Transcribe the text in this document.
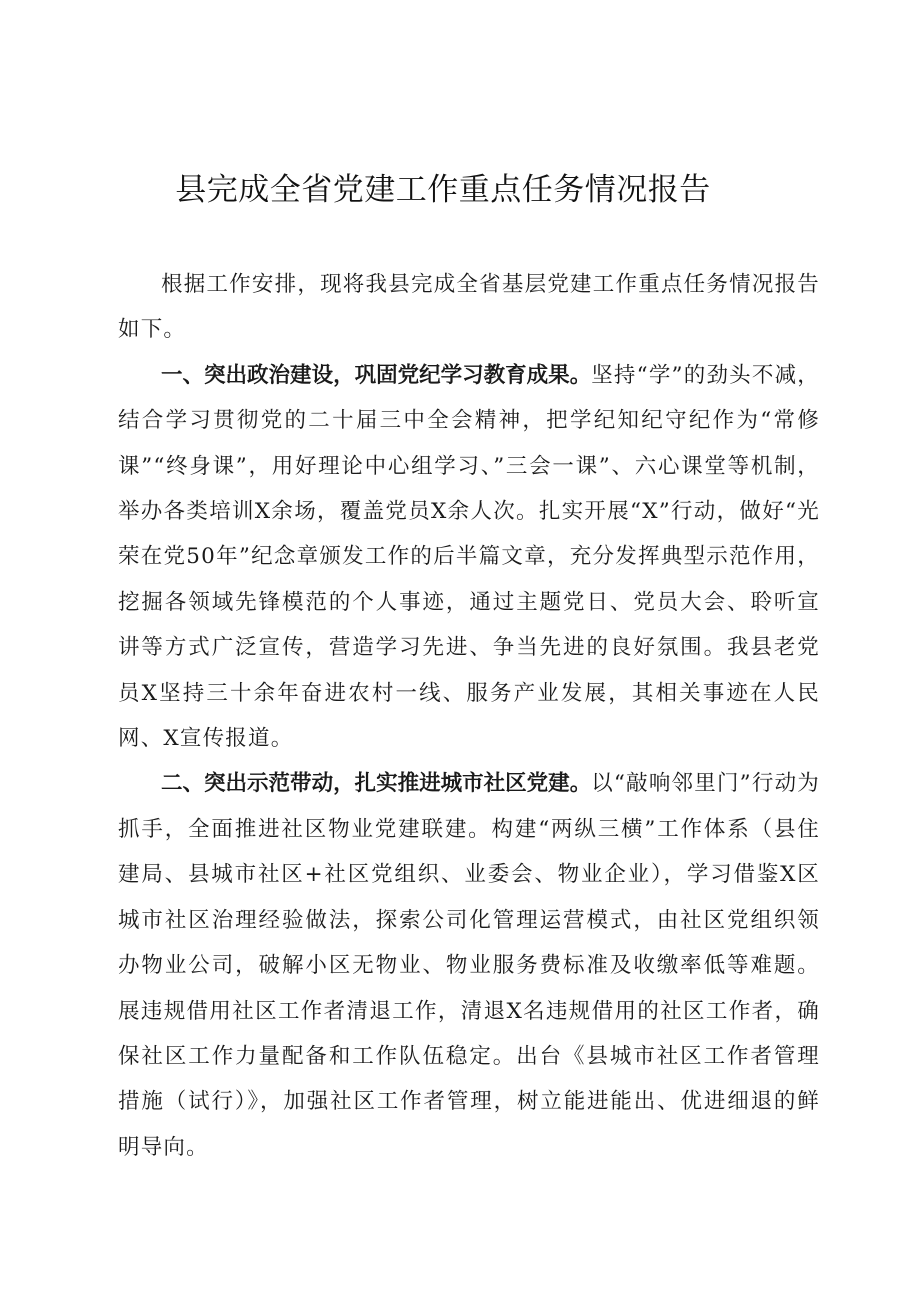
县完成全省党建工作重点任务情况报告

根据工作安排，现将我县完成全省基层党建工作重点任务情况报告如下。

一、突出政治建设，巩固党纪学习教育成果。坚持“学”的劲头不减，结合学习贯彻党的二十届三中全会精神，把学纪知纪守纪作为“常修课”“终身课”，用好理论中心组学习、”三会一课”、六心课堂等机制，举办各类培训X余场，覆盖党员X余人次。扎实开展“X”行动，做好“光荣在党50年”纪念章颁发工作的后半篇文章，充分发挥典型示范作用，挖掘各领域先锋模范的个人事迹，通过主题党日、党员大会、聆听宣讲等方式广泛宣传，营造学习先进、争当先进的良好氛围。我县老党员X坚持三十余年奋进农村一线、服务产业发展，其相关事迹在人民网、X宣传报道。

二、突出示范带动，扎实推进城市社区党建。以“敲响邻里门”行动为抓手，全面推进社区物业党建联建。构建“两纵三横”工作体系（县住建局、县城市社区+社区党组织、业委会、物业企业），学习借鉴X区城市社区治理经验做法，探索公司化管理运营模式，由社区党组织领办物业公司，破解小区无物业、物业服务费标准及收缴率低等难题。展违规借用社区工作者清退工作，清退X名违规借用的社区工作者，确保社区工作力量配备和工作队伍稳定。出台《县城市社区工作者管理措施（试行）》，加强社区工作者管理，树立能进能出、优进细退的鲜明导向。
